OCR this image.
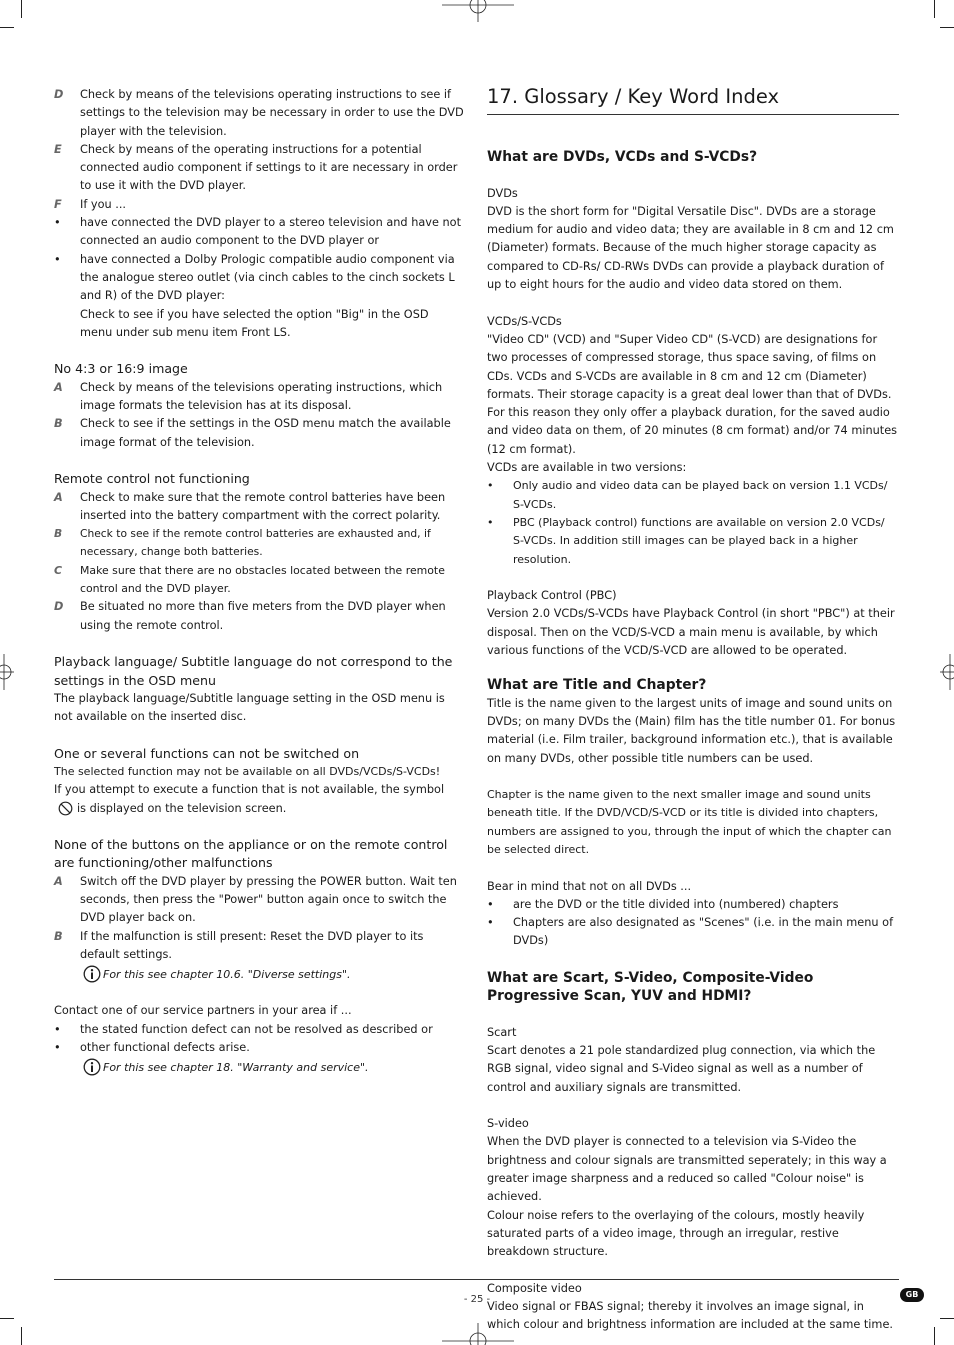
D	Check by means of the televisions operating instructions to see if settings to the television may be necessary in order to use the DVD player with the television.
E	Check by means of the operating instructions for a potential connected audio component if settings to it are necessary in order to use it with the DVD player.
F	If you ...
•	have connected the DVD player to a stereo television and have not connected an audio component to the DVD player or
•	have connected a Dolby Prologic compatible audio component via the analogue stereo outlet (via cinch cables to the cinch sockets L and R) of the DVD player:
Check to see if you have selected the option "Big" in the OSD menu under sub menu item Front LS.
No 4:3 or 16:9 image
A	Check by means of the televisions operating instructions, which image formats the television has at its disposal.
B	Check to see if the settings in the OSD menu match the available image format of the television.
Remote control not functioning
A	Check to make sure that the remote control batteries have been inserted into the battery compartment with the correct polarity.
B	Check to see if the remote control batteries are exhausted and, if necessary, change both batteries.
C	Make sure that there are no obstacles located between the remote control and the DVD player.
D	Be situated no more than five meters from the DVD player when using the remote control.
Playback language/ Subtitle language do not correspond to the settings in the OSD menu
The playback language/Subtitle language setting in the OSD menu is not available on the inserted disc.
One or several functions can not be switched on
The selected function may not be available on all DVDs/VCDs/S-VCDs!
If you attempt to execute a function that is not available, the symbolis displayed on the television screen.
None of the buttons on the appliance or on the remote control are functioning/other malfunctions
A	Switch off the DVD player by pressing the POWER button. Wait ten seconds, then press the "Power" button again once to switch the DVD player back on.
B	If the malfunction is still present: Reset the DVD player to its default settings.
For this see chapter 10.6. "Diverse settings".
Contact one of our service partners in your area if ...
•	the stated function defect can not be resolved as described or
•	other functional defects arise.
For this see chapter 18. "Warranty and service".
17. Glossary / Key Word Index
What are DVDs, VCDs and S-VCDs?
DVDs
DVD is the short form for "Digital Versatile Disc". DVDs are a storage medium for audio and video data; they are available in 8 cm and 12 cm (Diameter) formats. Because of the much higher storage capacity as compared to CD-Rs/ CD-RWs DVDs can provide a playback duration of up to eight hours for the audio and video data stored on them.
VCDs/S-VCDs
"Video CD" (VCD) and "Super Video CD" (S-VCD) are designations for two processes of compressed storage, thus space saving, of films on CDs. VCDs and S-VCDs are available in 8 cm and 12 cm (Diameter) formats. Their storage capacity is a great deal lower than that of DVDs. For this reason they only offer a playback duration, for the saved audio and video data on them, of 20 minutes (8 cm format) and/or 74 minutes (12 cm format).
VCDs are available in two versions:
•	Only audio and video data can be played back on version 1.1 VCDs/ S-VCDs.
•	PBC (Playback control) functions are available on version 2.0 VCDs/ S-VCDs. In addition still images can be played back in a higher resolution.
Playback Control (PBC)
Version 2.0 VCDs/S-VCDs have Playback Control (in short "PBC") at their disposal. Then on the VCD/S-VCD a main menu is available, by which various functions of the VCD/S-VCD are allowed to be operated.
What are Title and Chapter?
Title is the name given to the largest units of image and sound units on DVDs; on many DVDs the (Main) film has the title number 01. For bonus material (i.e. Film trailer, background information etc.), that is available on many DVDs, other possible title numbers can be used.
Chapter is the name given to the next smaller image and sound units beneath title. If the DVD/VCD/S-VCD or its title is divided into chapters, numbers are assigned to you, through the input of which the chapter can be selected direct.
Bear in mind that not on all DVDs ...
•	are the DVD or the title divided into (numbered) chapters
•	Chapters are also designated as "Scenes" (i.e. in the main menu of DVDs)
What are Scart, S-Video, Composite-Video Progressive Scan, YUV and HDMI?
Scart
Scart denotes a 21 pole standardized plug connection, via which the RGB signal, video signal and S-Video signal as well as a number of control and auxiliary signals are transmitted.
S-video
When the DVD player is connected to a television via S-Video the brightness and colour signals are transmitted seperately; in this way a greater image sharpness and a reduced so called "Colour noise" is achieved.
Colour noise refers to the overlaying of the colours, mostly heavily saturated parts of a video image, through an irregular, restive breakdown structure.
Composite video
Video signal or FBAS signal; thereby it involves an image signal, in which colour and brightness information are included at the same time.
- 25 -	GB
